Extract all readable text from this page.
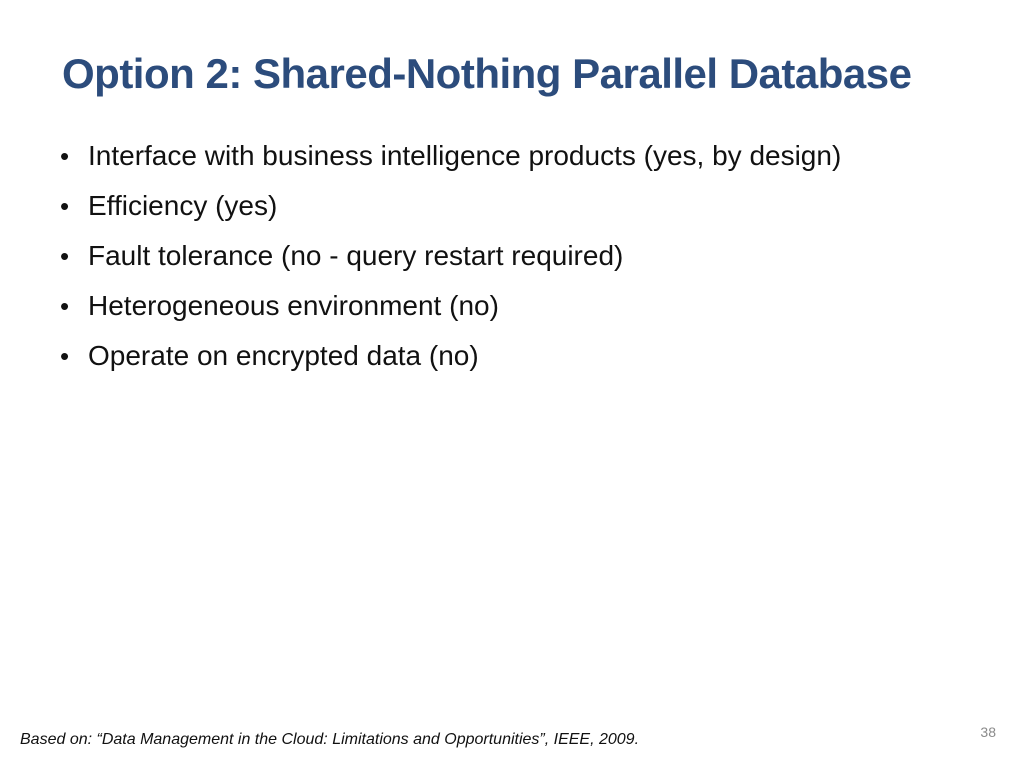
Option 2: Shared-Nothing Parallel Database
• Interface with business intelligence products (yes, by design)
• Efficiency (yes)
• Fault tolerance (no - query restart required)
• Heterogeneous environment (no)
• Operate on encrypted data (no)
Based on: “Data Management in the Cloud: Limitations and Opportunities”, IEEE, 2009.	38
